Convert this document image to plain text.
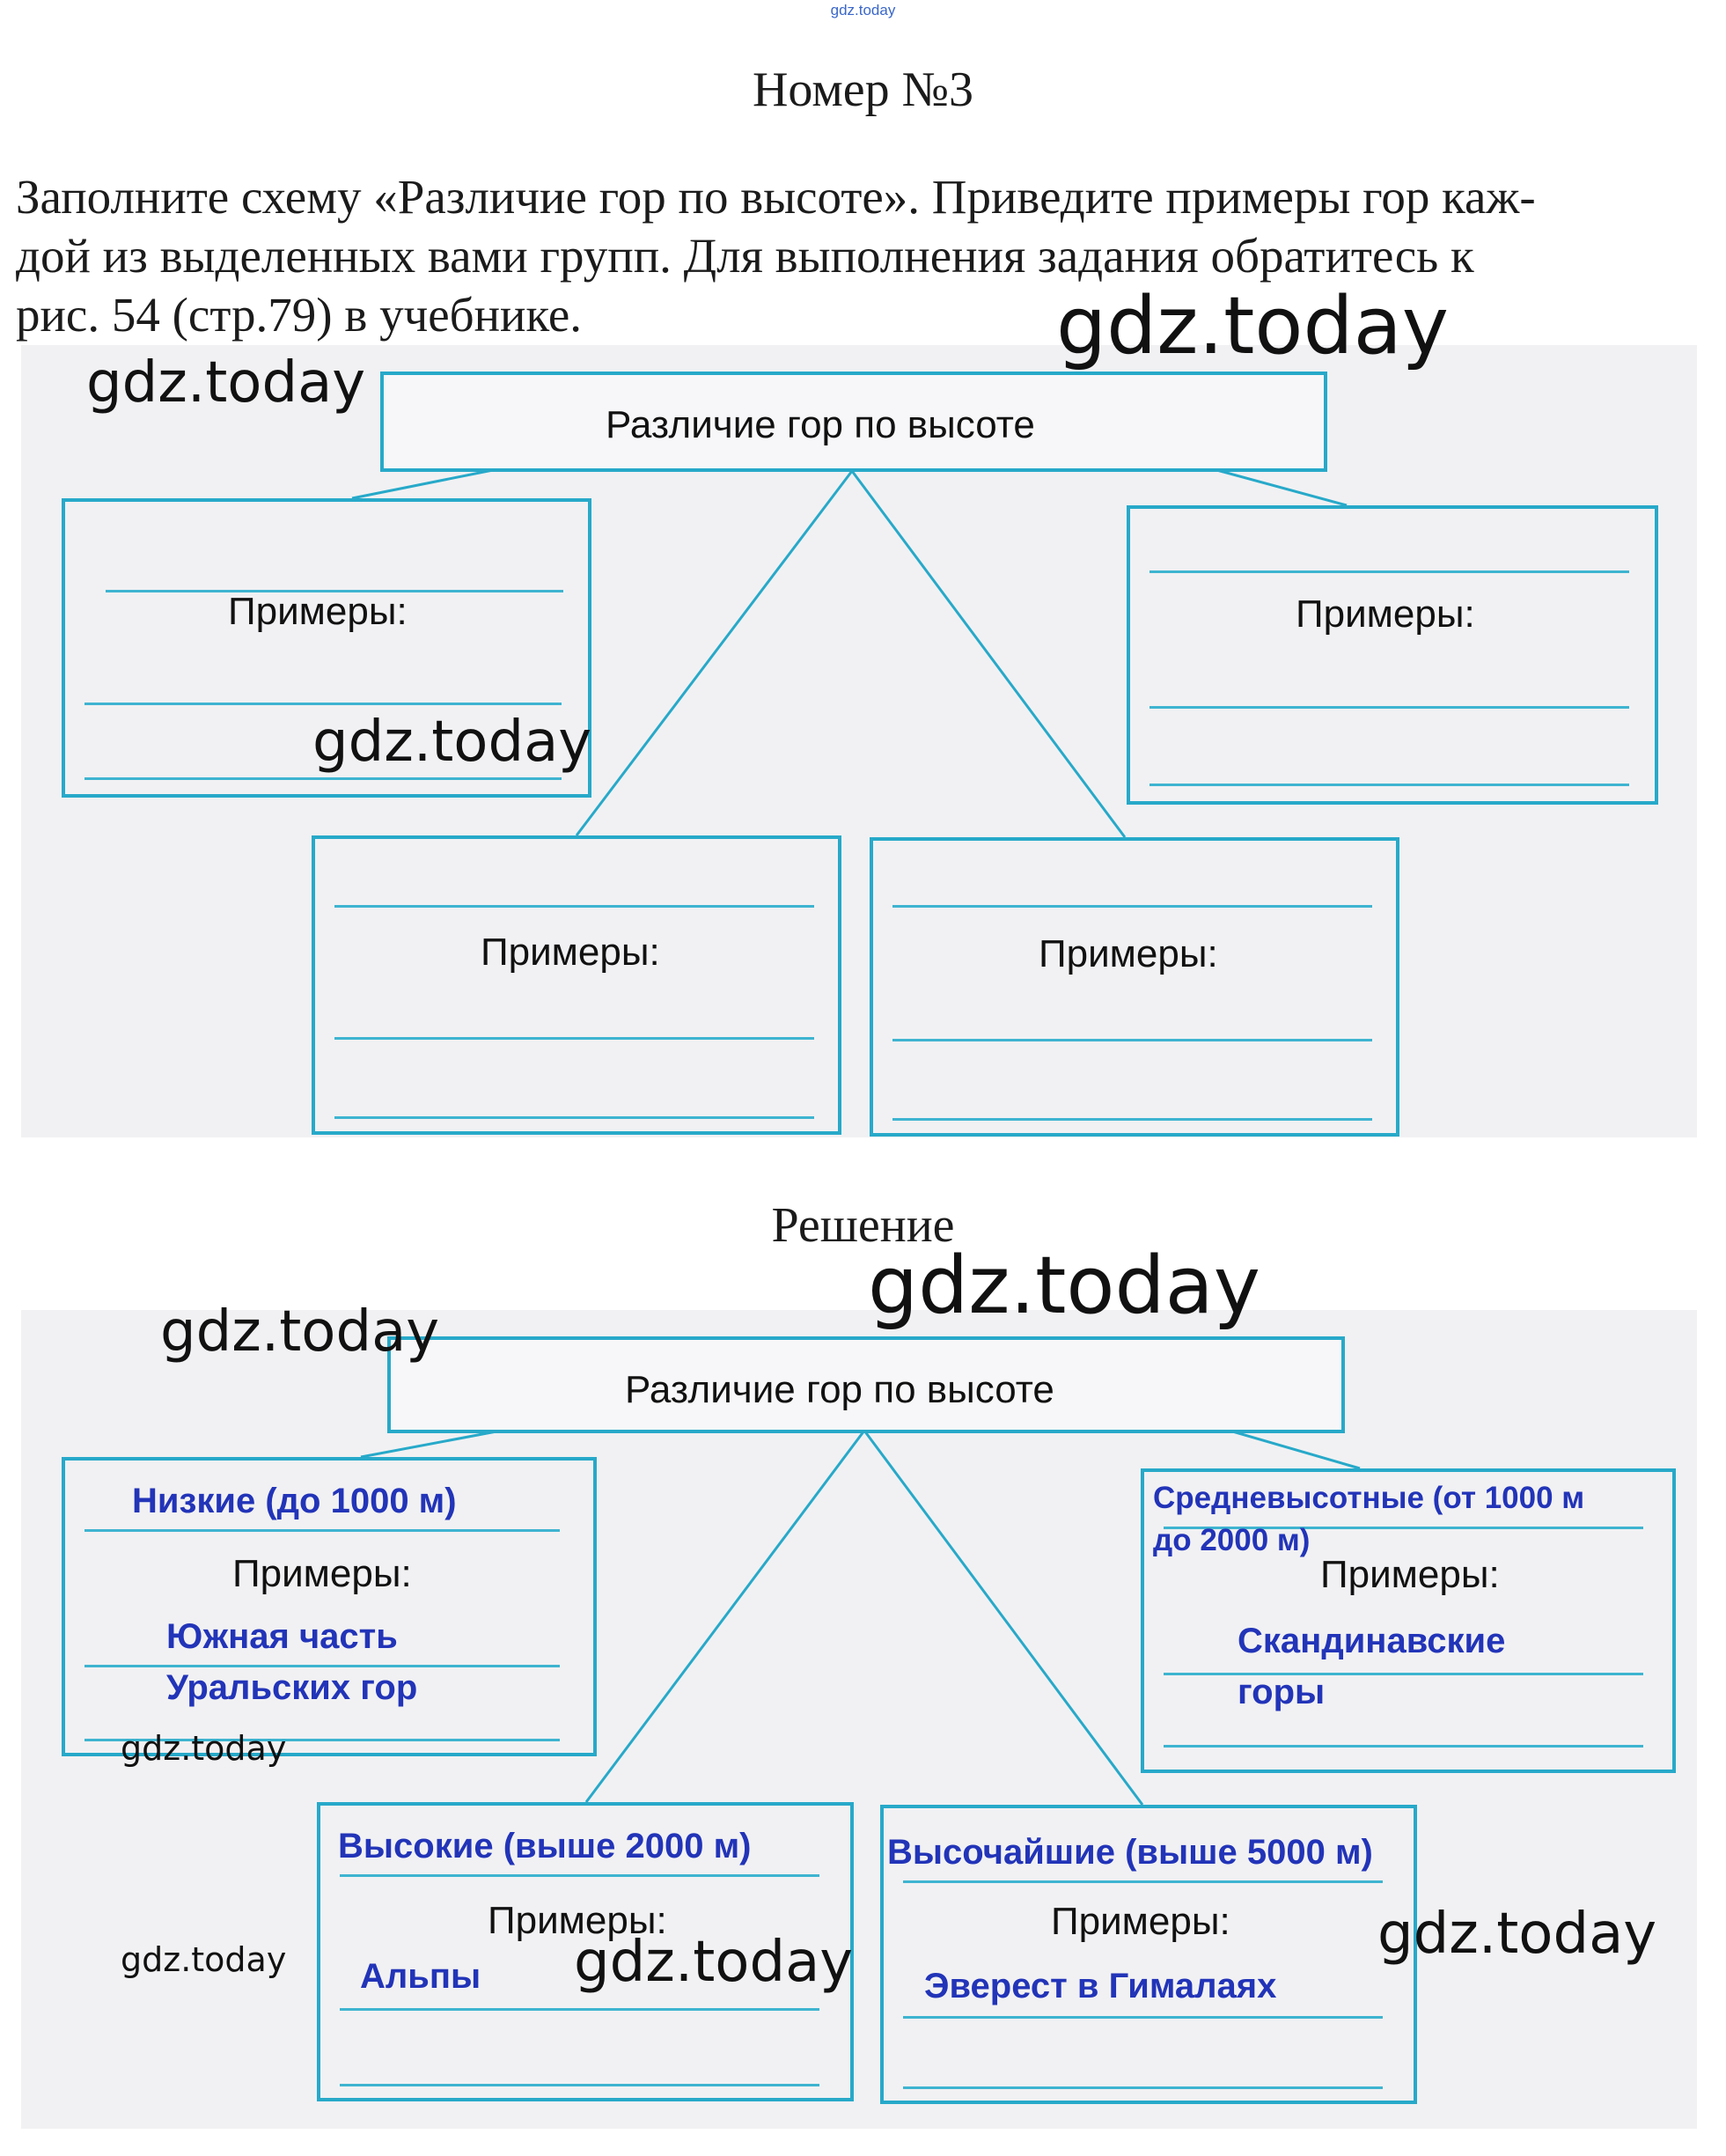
gdz.today
Номер №3
Заполните схему «Различие гор по высоте». Приведите примеры гор каж-
дой из выделенных вами групп. Для выполнения задания обратитесь к
рис. 54 (стр.79) в учебнике.
Различие гор по высоте
Примеры:	Примеры:
Примеры:	Примеры:
Решение
Различие гор по высоте
Низкие (до 1000 м)
Примеры:
Южная часть
Уральских гор
Средневысотные (от 1000 м
до 2000 м)
Примеры:
Скандинавские
горы
Высокие (выше 2000 м)
Примеры:
Альпы
Высочайшие (выше 5000 м)
Примеры:
Эверест в Гималаях
gdz.today
gdz.today
gdz.today
gdz.today
gdz.today
gdz.today
gdz.today	gdz.today	gdz.today
